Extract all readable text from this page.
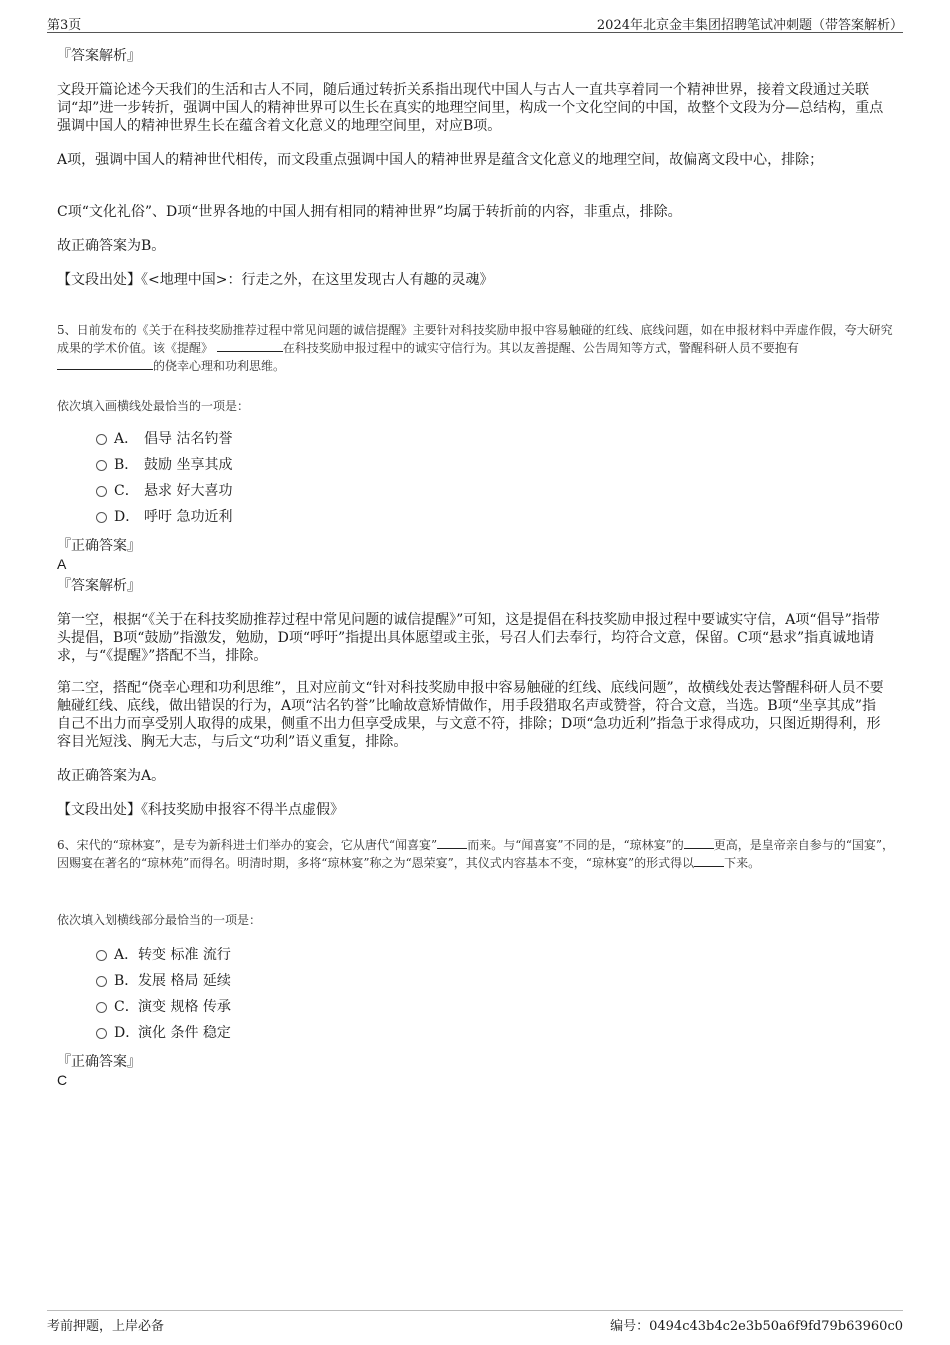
第3页	2024年北京金丰集团招聘笔试冲刺题（带答案解析）
『答案解析』
文段开篇论述今天我们的生活和古人不同，随后通过转折关系指出现代中国人与古人一直共享着同一个精神世界，接着文段通过关联词“却”进一步转折，强调中国人的精神世界可以生长在真实的地理空间里，构成一个文化空间的中国，故整个文段为分—总结构，重点强调中国人的精神世界生长在蕴含着文化意义的地理空间里，对应B项。
A项，强调中国人的精神世代相传，而文段重点强调中国人的精神世界是蕴含文化意义的地理空间，故偏离文段中心，排除；
C项“文化礼俗”、D项“世界各地的中国人拥有相同的精神世界”均属于转折前的内容，非重点，排除。
故正确答案为B。
【文段出处】《<地理中国>：行走之外，在这里发现古人有趣的灵魂》
5、日前发布的《关于在科技奖励推荐过程中常见问题的诚信提醒》主要针对科技奖励申报中容易触碰的红线、底线问题，如在申报材料中弄虚作假，夸大研究成果的学术价值。该《提醒》	在科技奖励申报过程中的诚实守信行为。其以友善提醒、公告周知等方式，警醒科研人员不要抱有 的侥幸心理和功利思维。
依次填入画横线处最恰当的一项是：
A． 倡导 沽名钓誉
B． 鼓励 坐享其成
C． 悬求 好大喜功
D． 呼吁 急功近利
『正确答案』
A
『答案解析』
第一空，根据“《关于在科技奖励推荐过程中常见问题的诚信提醒》”可知，这是提倡在科技奖励申报过程中要诚实守信，A项“倡导”指带头提倡，B项“鼓励”指激发，勉励，D项“呼吁”指提出具体愿望或主张，号召人们去奉行，均符合文意，保留。C项“悬求”指真诚地请求，与“《提醒》”搭配不当，排除。
第二空，搭配“侥幸心理和功利思维”，且对应前文“针对科技奖励申报中容易触碰的红线、底线问题”，故横线处表达警醒科研人员不要触碰红线、底线，做出错误的行为，A项“沽名钓誉”比喻故意矫情做作，用手段猎取名声或赞誉，符合文意，当选。B项“坐享其成”指自己不出力而享受别人取得的成果，侧重不出力但享受成果，与文意不符，排除；D项“急功近利”指急于求得成功，只图近期得利，形容目光短浅、胸无大志，与后文“功利”语义重复，排除。
故正确答案为A。
【文段出处】《科技奖励申报容不得半点虚假》
6、宋代的“琼林宴”，是专为新科进士们举办的宴会，它从唐代“闻喜宴”	而来。与“闻喜宴”不同的是，“琼林宴”的	更高，是皇帝亲自参与的“国宴”，因赐宴在著名的“琼林苑”而得名。明清时期，多将“琼林宴”称之为“恩荣宴”，其仪式内容基本不变，“琼林宴”的形式得以	下来。
依次填入划横线部分最恰当的一项是：
A．转变 标准 流行
B．发展 格局 延续
C．演变 规格 传承
D．演化 条件 稳定
『正确答案』
C
考前押题，上岸必备	编号：0494c43b4c2e3b50a6f9fd79b63960c0
